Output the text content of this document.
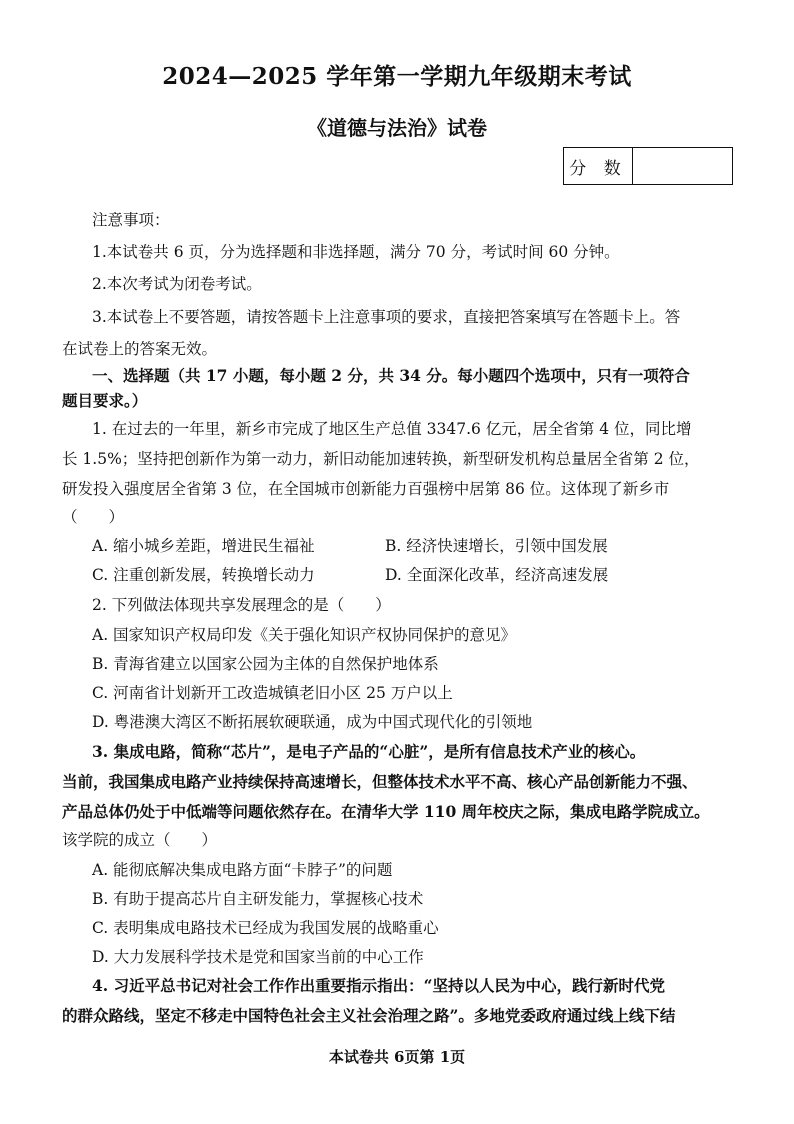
2024—2025 学年第一学期九年级期末考试
《道德与法治》试卷
分 数
注意事项：
1.本试卷共 6 页，分为选择题和非选择题，满分 70 分，考试时间 60 分钟。
2.本次考试为闭卷考试。
3.本试卷上不要答题，请按答题卡上注意事项的要求，直接把答案填写在答题卡上。答
在试卷上的答案无效。
一、选择题（共 17 小题，每小题 2 分，共 34 分。每小题四个选项中，只有一项符合
题目要求。）
1. 在过去的一年里，新乡市完成了地区生产总值 3347.6 亿元，居全省第 4 位，同比增
长 1.5%；坚持把创新作为第一动力，新旧动能加速转换，新型研发机构总量居全省第 2 位，
研发投入强度居全省第 3 位，在全国城市创新能力百强榜中居第 86 位。这体现了新乡市
（　　）
A. 缩小城乡差距，增进民生福祉	B. 经济快速增长，引领中国发展
C. 注重创新发展，转换增长动力	D. 全面深化改革，经济高速发展
2. 下列做法体现共享发展理念的是（　　）
A. 国家知识产权局印发《关于强化知识产权协同保护的意见》
B. 青海省建立以国家公园为主体的自然保护地体系
C. 河南省计划新开工改造城镇老旧小区 25 万户以上
D. 粤港澳大湾区不断拓展软硬联通，成为中国式现代化的引领地
3. 集成电路，简称“芯片”，是电子产品的“心脏”，是所有信息技术产业的核心。
当前，我国集成电路产业持续保持高速增长，但整体技术水平不高、核心产品创新能力不强、
产品总体仍处于中低端等问题依然存在。在清华大学 110 周年校庆之际，集成电路学院成立。
该学院的成立（　　）
A. 能彻底解决集成电路方面“卡脖子”的问题
B. 有助于提高芯片自主研发能力，掌握核心技术
C. 表明集成电路技术已经成为我国发展的战略重心
D. 大力发展科学技术是党和国家当前的中心工作
4. 习近平总书记对社会工作作出重要指示指出：“坚持以人民为中心，践行新时代党
的群众路线，坚定不移走中国特色社会主义社会治理之路”。多地党委政府通过线上线下结
本试卷共 6页第 1页
